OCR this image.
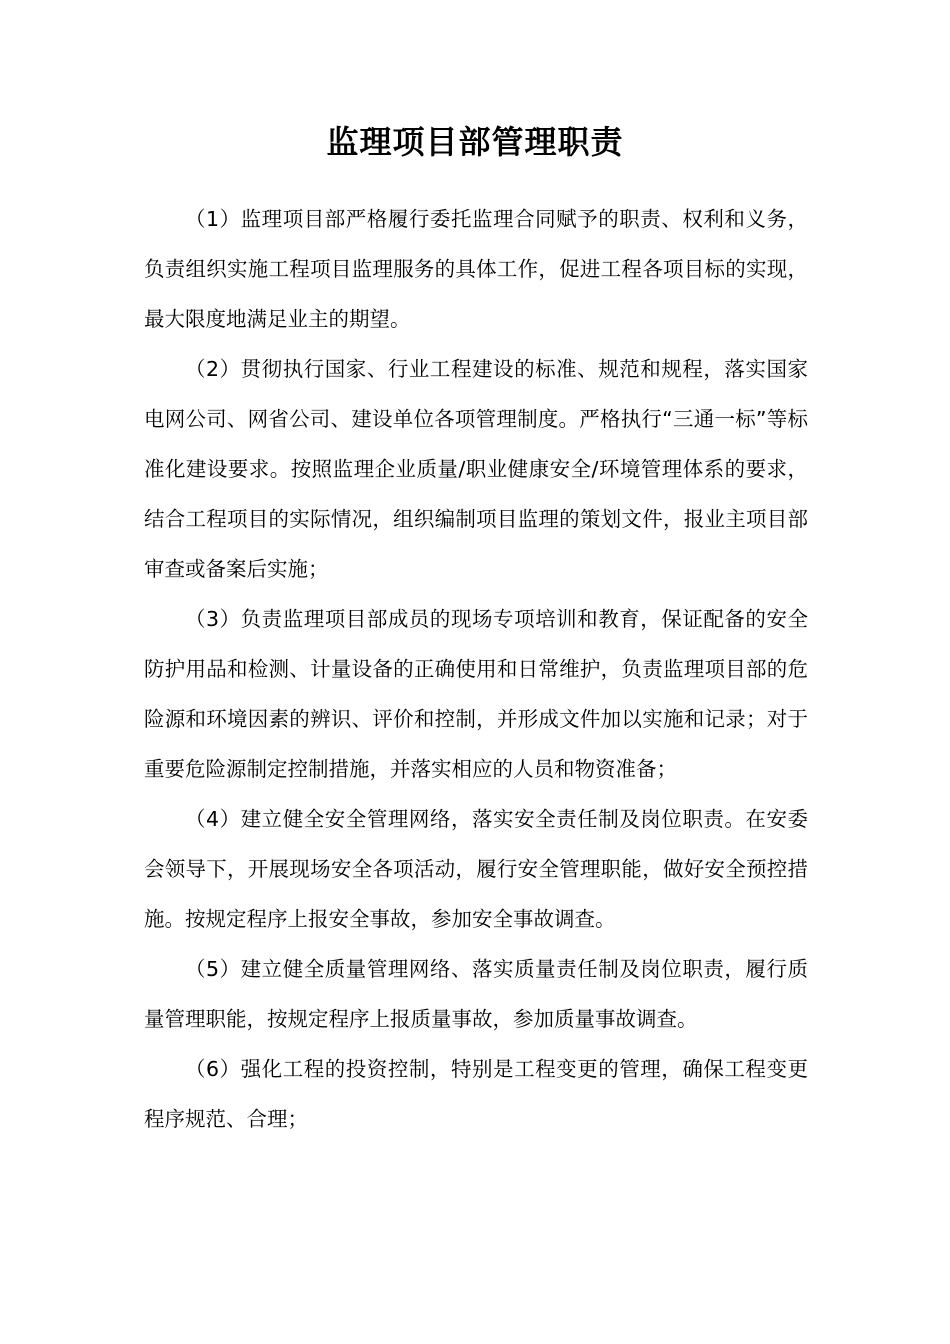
监理项目部管理职责

（1）监理项目部严格履行委托监理合同赋予的职责、权利和义务，负责组织实施工程项目监理服务的具体工作，促进工程各项目标的实现，最大限度地满足业主的期望。

（2）贯彻执行国家、行业工程建设的标准、规范和规程，落实国家电网公司、网省公司、建设单位各项管理制度。严格执行“三通一标”等标准化建设要求。按照监理企业质量/职业健康安全/环境管理体系的要求，结合工程项目的实际情况，组织编制项目监理的策划文件，报业主项目部审查或备案后实施；

（3）负责监理项目部成员的现场专项培训和教育，保证配备的安全防护用品和检测、计量设备的正确使用和日常维护，负责监理项目部的危险源和环境因素的辨识、评价和控制，并形成文件加以实施和记录；对于重要危险源制定控制措施，并落实相应的人员和物资准备；

（4）建立健全安全管理网络，落实安全责任制及岗位职责。在安委会领导下，开展现场安全各项活动，履行安全管理职能，做好安全预控措施。按规定程序上报安全事故，参加安全事故调查。

（5）建立健全质量管理网络、落实质量责任制及岗位职责，履行质量管理职能，按规定程序上报质量事故，参加质量事故调查。

（6）强化工程的投资控制，特别是工程变更的管理，确保工程变更程序规范、合理；
